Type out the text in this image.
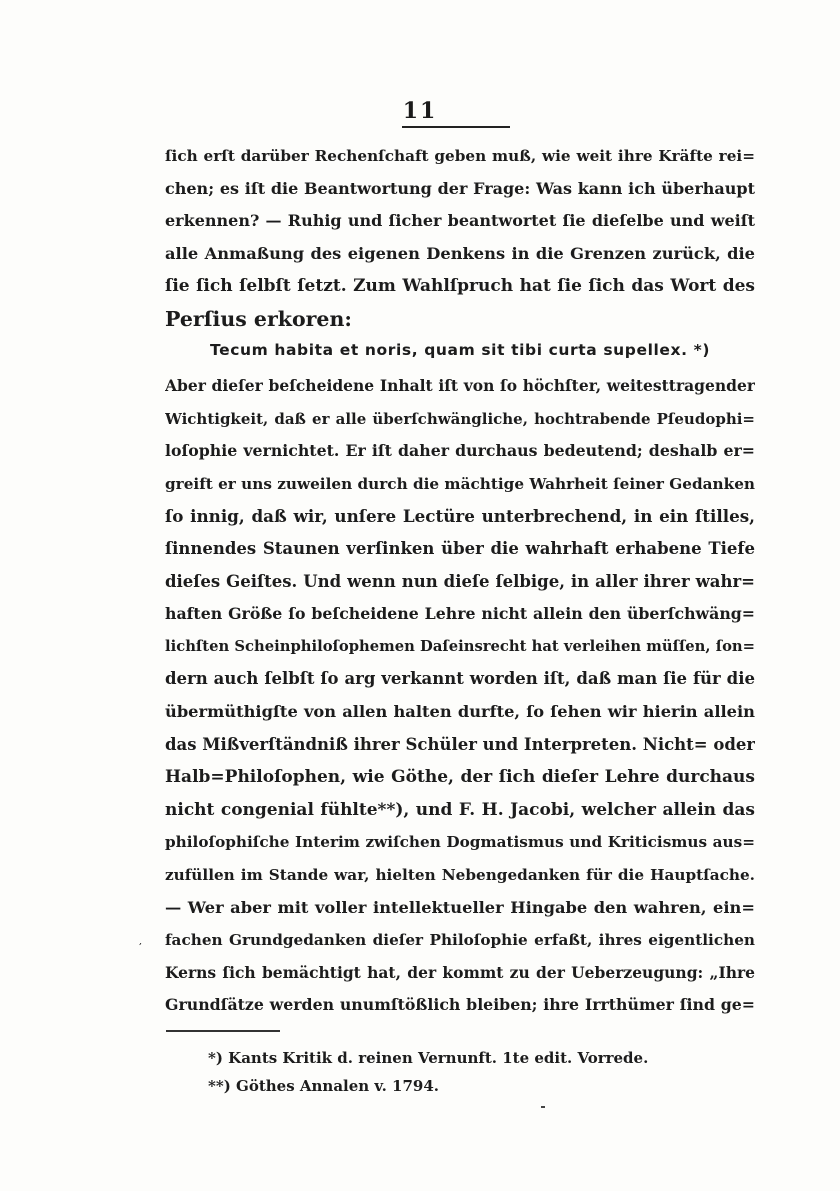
11
ſich erſt darüber Rechenſchaft geben muß, wie weit ihre Kräfte rei=
chen; es iſt die Beantwortung der Frage: Was kann ich überhaupt
erkennen? — Ruhig und ſicher beantwortet ſie dieſelbe und weiſt
alle Anmaßung des eigenen Denkens in die Grenzen zurück, die
ſie ſich ſelbſt ſetzt. Zum Wahlſpruch hat ſie ſich das Wort des
Perſius erkoren:
Tecum habita et noris, quam sit tibi curta supellex. *)
Aber dieſer beſcheidene Inhalt iſt von ſo höchſter, weitesttragender
Wichtigkeit, daß er alle überſchwängliche, hochtrabende Pſeudophi=
loſophie vernichtet. Er iſt daher durchaus bedeutend; deshalb er=
greift er uns zuweilen durch die mächtige Wahrheit ſeiner Gedanken
ſo innig, daß wir, unſere Lectüre unterbrechend, in ein ſtilles,
ſinnendes Staunen verſinken über die wahrhaft erhabene Tiefe
dieſes Geiſtes. Und wenn nun dieſe ſelbige, in aller ihrer wahr=
haften Größe ſo beſcheidene Lehre nicht allein den überſchwäng=
lichſten Scheinphiloſophemen Daſeinsrecht hat verleihen müſſen, ſon=
dern auch ſelbſt ſo arg verkannt worden iſt, daß man ſie für die
übermüthigſte von allen halten durfte, ſo ſehen wir hierin allein
das Mißverſtändniß ihrer Schüler und Interpreten. Nicht= oder
Halb=Philoſophen, wie Göthe, der ſich dieſer Lehre durchaus
nicht congenial fühlte**), und F. H. Jacobi, welcher allein das
philoſophiſche Interim zwiſchen Dogmatismus und Kriticismus aus=
zufüllen im Stande war, hielten Nebengedanken für die Hauptſache.
— Wer aber mit voller intellektueller Hingabe den wahren, ein=
fachen Grundgedanken dieſer Philoſophie erfaßt, ihres eigentlichen
Kerns ſich bemächtigt hat, der kommt zu der Ueberzeugung: „Ihre
Grundſätze werden unumſtößlich bleiben; ihre Irrthümer ſind ge=
*) Kants Kritik d. reinen Vernunft. 1te edit. Vorrede.
**) Göthes Annalen v. 1794.
